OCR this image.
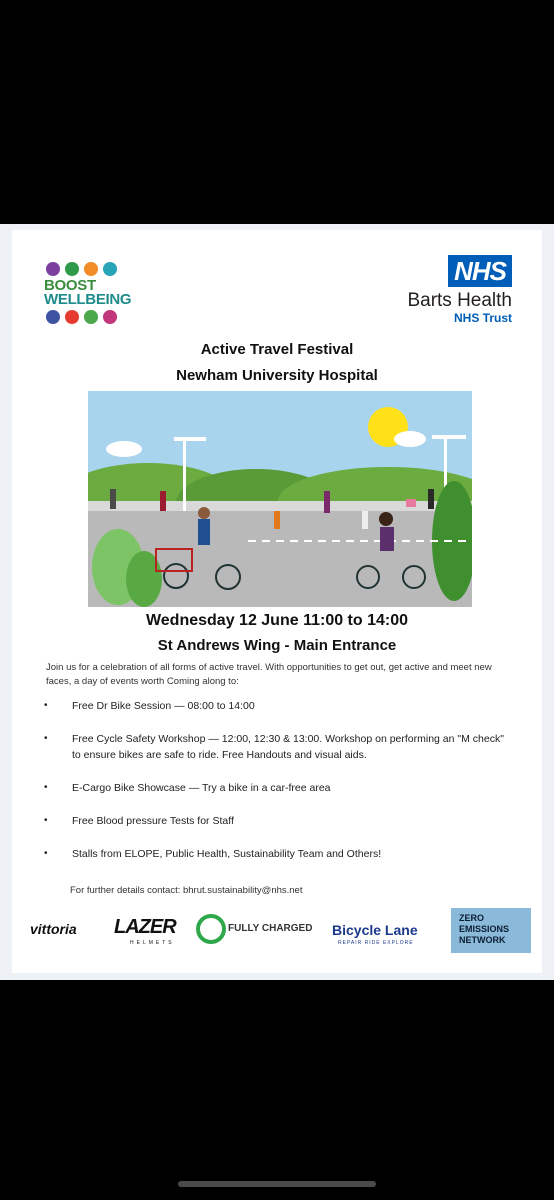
BOOST
WELLBEING
NHS
Barts Health
NHS Trust
Active Travel Festival
Newham University Hospital
Wednesday 12 June 11:00 to 14:00
St Andrews Wing - Main Entrance
Join us for a celebration of all forms of active travel. With opportunities to get out, get active and meet new faces, a day of events worth Coming along to:
• Free Dr Bike Session — 08:00 to 14:00
• Free Cycle Safety Workshop — 12:00, 12:30 & 13:00. Workshop on performing an "M check" to ensure bikes are safe to ride. Free Handouts and visual aids.
• E-Cargo Bike Showcase — Try a bike in a car-free area
• Free Blood pressure Tests for Staff
• Stalls from ELOPE, Public Health, Sustainability Team and Others!
For further details contact: bhrut.sustainability@nhs.net
vittoria LAZER
HELMETS
FULLY CHARGED Bicycle Lane
REPAIR RIDE EXPLORE
ZERO
EMISSIONS
NETWORK
